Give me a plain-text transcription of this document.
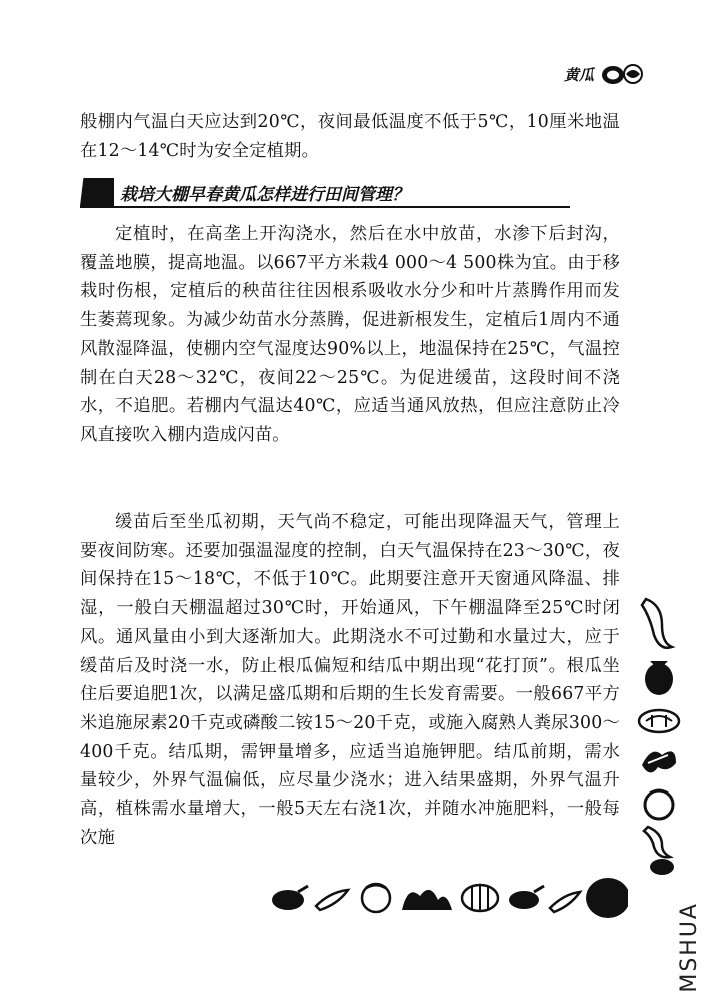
黄瓜
般棚内气温白天应达到20℃，夜间最低温度不低于5℃，10厘米地温在12～14℃时为安全定植期。
栽培大棚早春黄瓜怎样进行田间管理？
定植时，在高垄上开沟浇水，然后在水中放苗，水渗下后封沟，覆盖地膜，提高地温。以667平方米栽4 000～4 500株为宜。由于移栽时伤根，定植后的秧苗往往因根系吸收水分少和叶片蒸腾作用而发生萎蔫现象。为减少幼苗水分蒸腾，促进新根发生，定植后1周内不通风散湿降温，使棚内空气湿度达90%以上，地温保持在25℃，气温控制在白天28～32℃，夜间22～25℃。为促进缓苗，这段时间不浇水，不追肥。若棚内气温达40℃，应适当通风放热，但应注意防止冷风直接吹入棚内造成闪苗。
缓苗后至坐瓜初期，天气尚不稳定，可能出现降温天气，管理上要夜间防寒。还要加强温湿度的控制，白天气温保持在23～30℃，夜间保持在15～18℃，不低于10℃。此期要注意开天窗通风降温、排湿，一般白天棚温超过30℃时，开始通风，下午棚温降至25℃时闭风。通风量由小到大逐渐加大。此期浇水不可过勤和水量过大，应于缓苗后及时浇一水，防止根瓜偏短和结瓜中期出现“花打顶”。根瓜坐住后要追肥1次，以满足盛瓜期和后期的生长发育需要。一般667平方米追施尿素20千克或磷酸二铵15～20千克，或施入腐熟人粪尿300～400千克。结瓜期，需钾量增多，应适当追施钾肥。结瓜前期，需水量较少，外界气温偏低，应尽量少浇水；进入结果盛期，外界气温升高，植株需水量增大，一般5天左右浇1次，并随水冲施肥料，一般每次施
MSHUA
